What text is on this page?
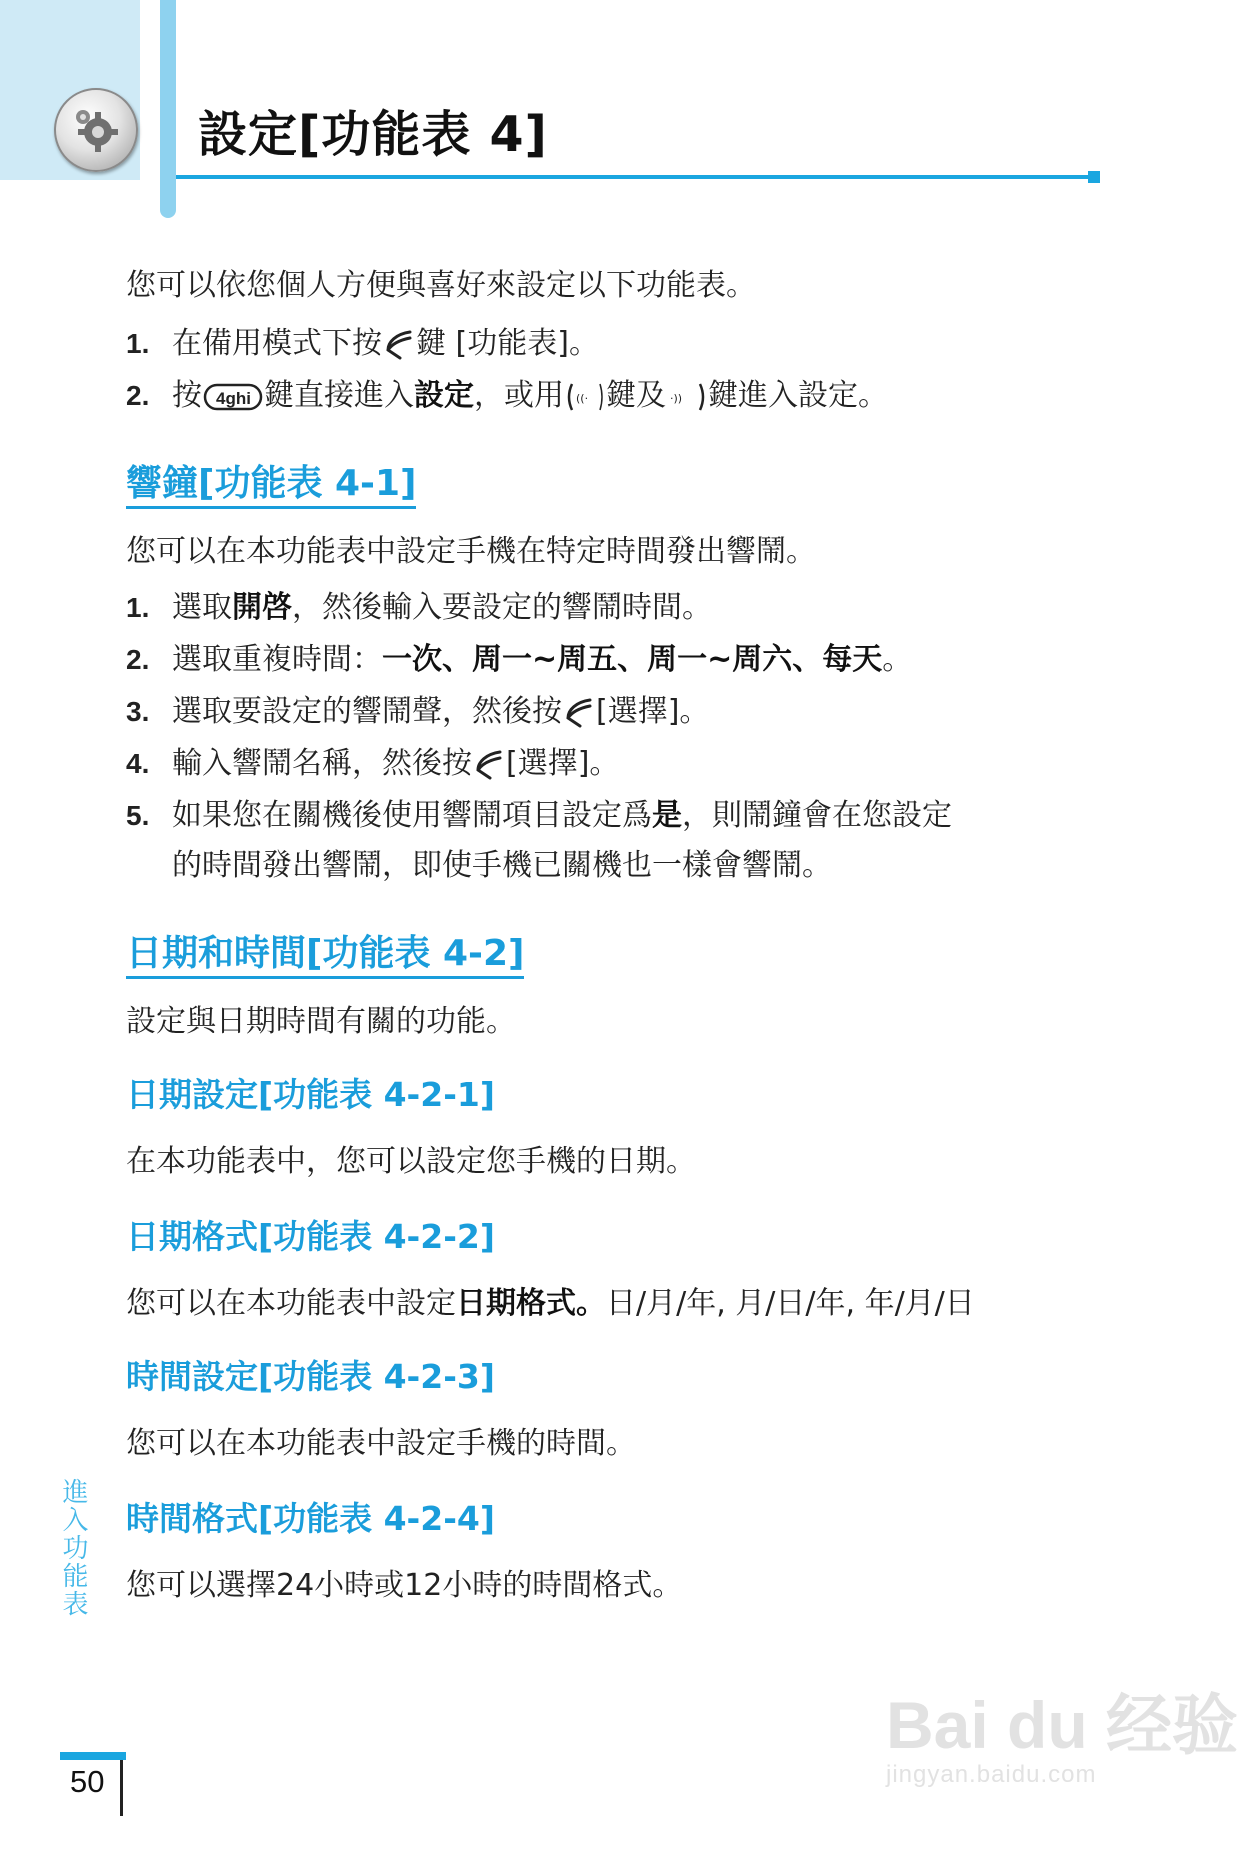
設定[功能表 4]
您可以依您個人方便與喜好來設定以下功能表。
1. 在備用模式下按 鍵 [功能表]。
2. 按 4ghi 鍵直接進入設定，或用 ((· 鍵及 ·)) 鍵進入設定。
響鐘[功能表 4-1]
您可以在本功能表中設定手機在特定時間發出響鬧。
1. 選取開啓，然後輸入要設定的響鬧時間。
2. 選取重複時間：一次、周一~周五、周一~周六、每天。
3. 選取要設定的響鬧聲，然後按 [選擇]。
4. 輸入響鬧名稱，然後按 [選擇]。
5. 如果您在關機後使用響鬧項目設定爲是，則鬧鐘會在您設定
的時間發出響鬧，即使手機已關機也一樣會響鬧。
日期和時間[功能表 4-2]
設定與日期時間有關的功能。
日期設定[功能表 4-2-1]
在本功能表中，您可以設定您手機的日期。
日期格式[功能表 4-2-2]
您可以在本功能表中設定日期格式。日/月/年, 月/日/年, 年/月/日
時間設定[功能表 4-2-3]
您可以在本功能表中設定手機的時間。
時間格式[功能表 4-2-4]
您可以選擇24小時或12小時的時間格式。
進入功能表
50
Bai du 经验
jingyan.baidu.com
